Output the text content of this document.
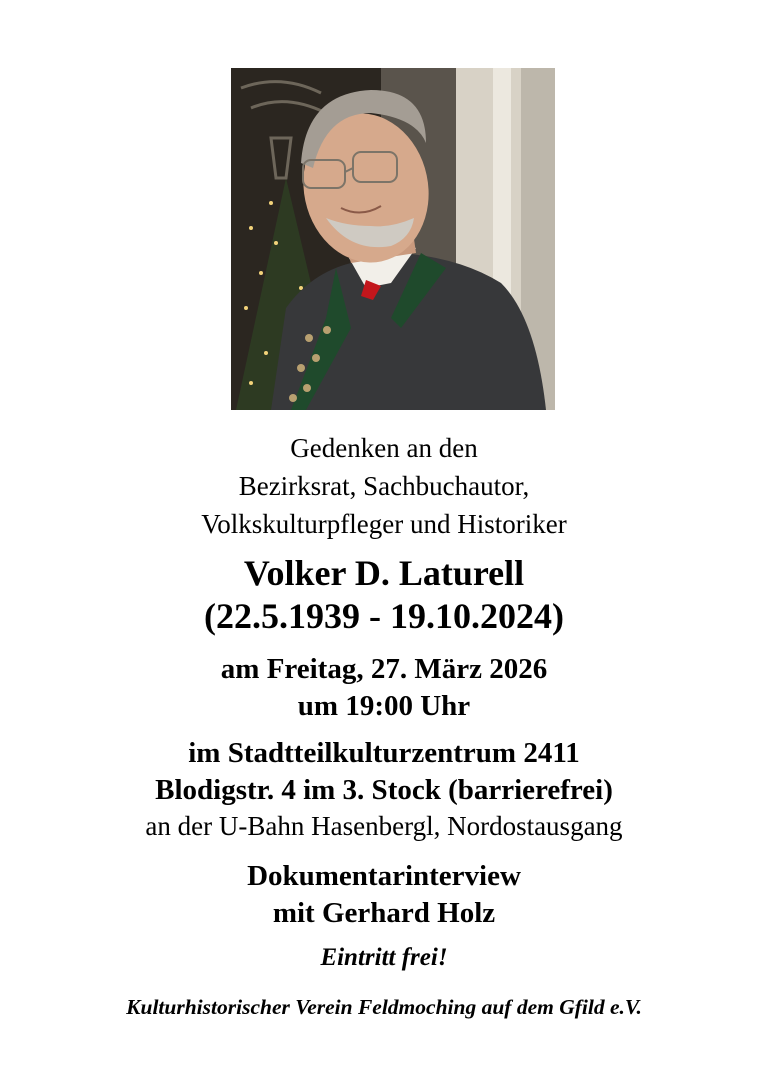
Gedenken an den
Bezirksrat, Sachbuchautor,
Volkskulturpfleger und Historiker
Volker D. Laturell
(22.5.1939 - 19.10.2024)
am Freitag, 27. März 2026
um 19:00 Uhr
im Stadtteilkulturzentrum 2411
Blodigstr. 4 im 3. Stock (barrierefrei)
an der U-Bahn Hasenbergl, Nordostausgang
Dokumentarinterview
mit Gerhard Holz
Eintritt frei!
Kulturhistorischer Verein Feldmoching auf dem Gfild e.V.
